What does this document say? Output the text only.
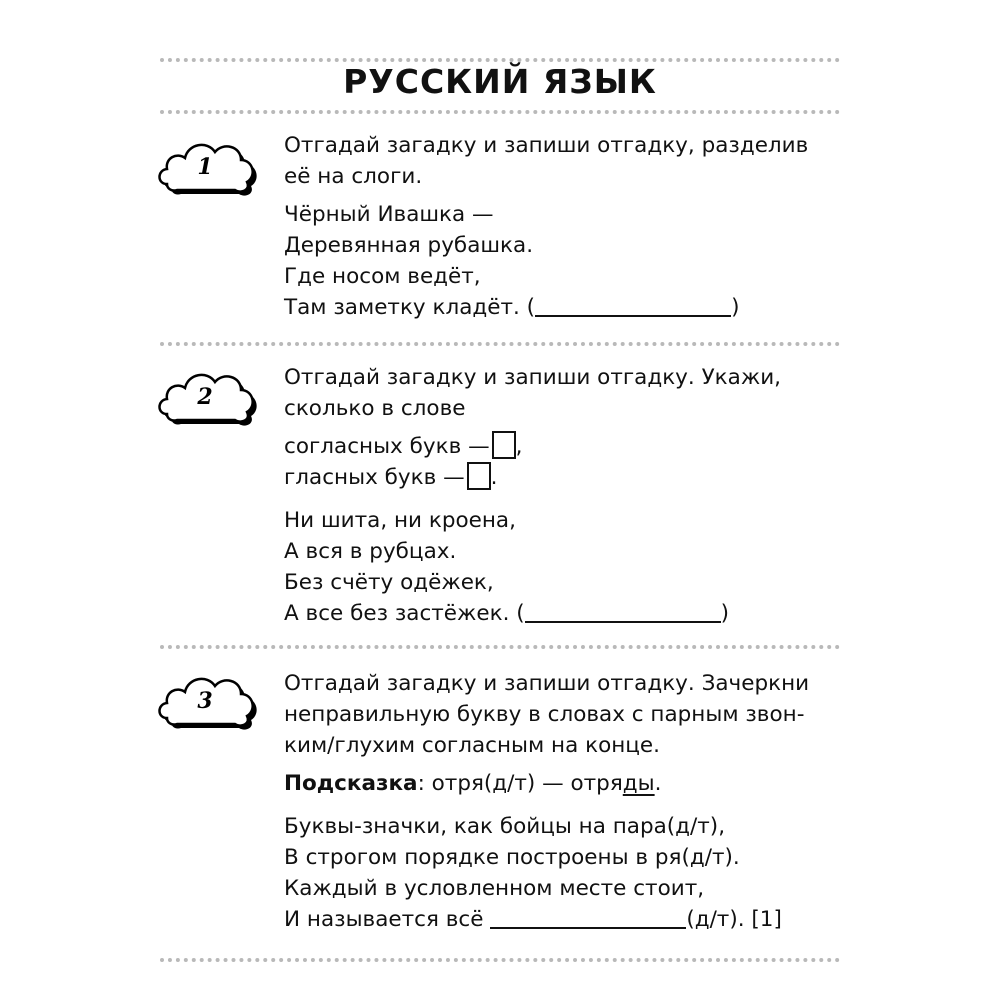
РУССКИЙ ЯЗЫК
1

Отгадай загадку и запиши отгадку, разделив

её на слоги.

Чёрный Ивашка —

Деревянная рубашка.

Где носом ведёт,

Там заметку кладёт. (	)

2

Отгадай загадку и запиши отгадку. Укажи,

сколько в слове

согласных букв — ,

гласных букв — .

Ни шита, ни кроена,

А вся в рубцах.

Без счёту одёжек,

А все без застёжек. (	)

3

Отгадай загадку и запиши отгадку. Зачеркни

неправильную букву в словах с парным звон-

ким/глухим согласным на конце.

Подсказка: отря(д/т) — отряды.

Буквы-значки, как бойцы на пара(д/т),

В строгом порядке построены в ря(д/т).

Каждый в условленном месте стоит,

И называется всё	(д/т). [1]
